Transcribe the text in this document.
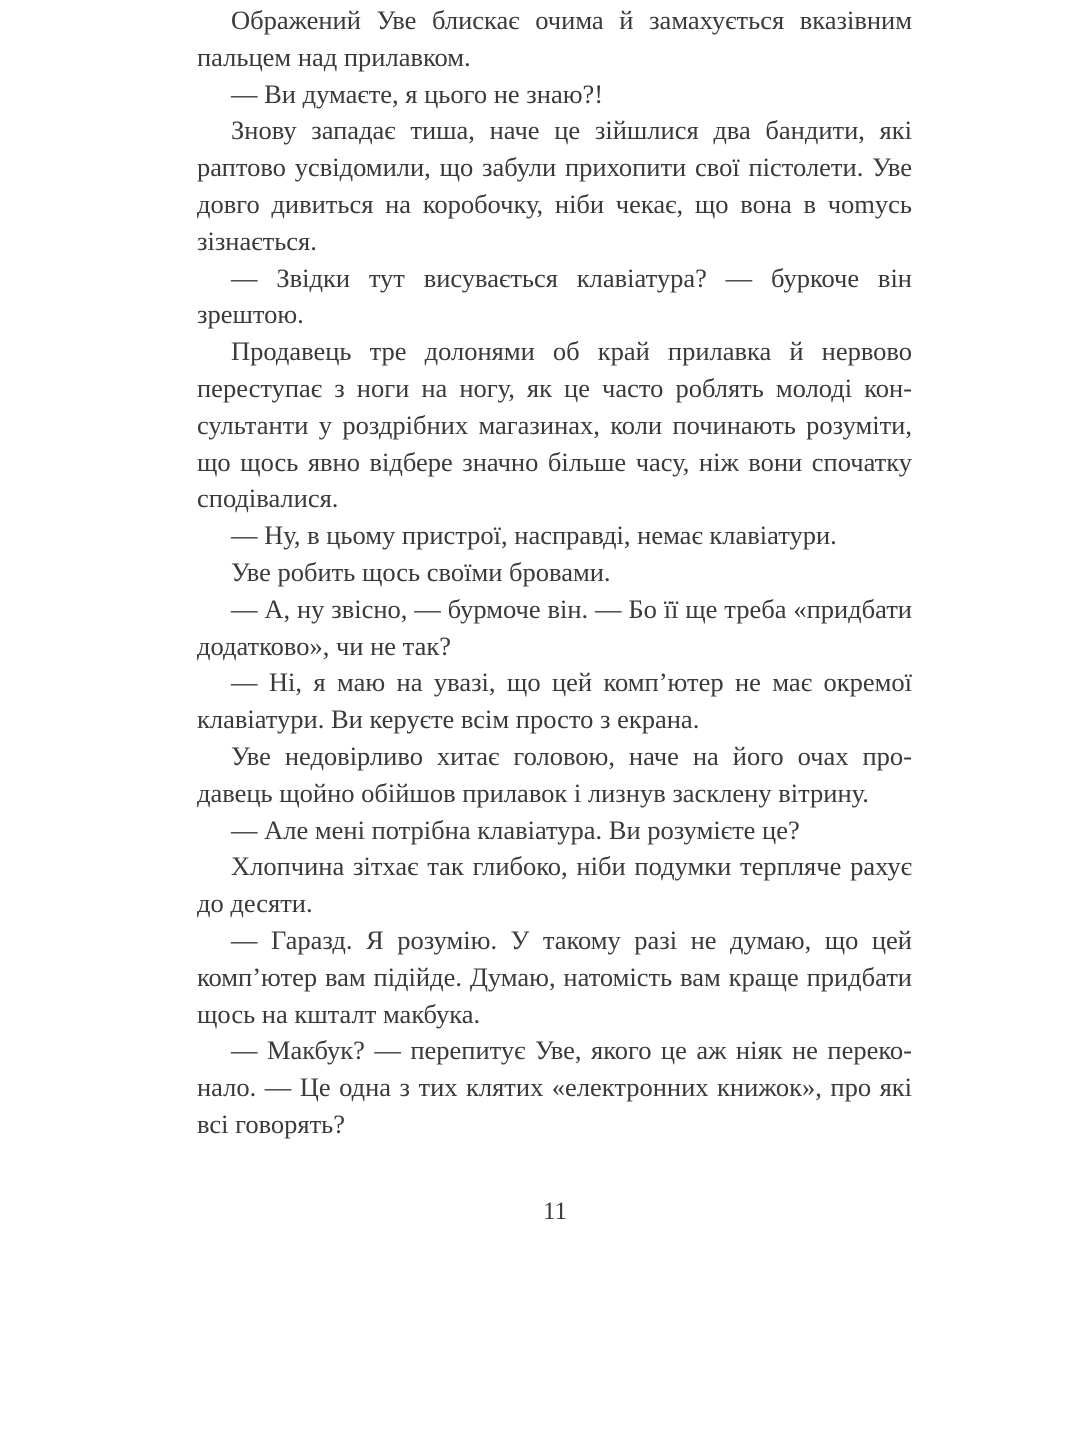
Ображений Уве блискає очима й замахується вказівним пальцем над прилавком.

— Ви думаєте, я цього не знаю?!

Знову западає тиша, наче це зійшлися два бандити, які раптово усвідомили, що забули прихопити свої пістолети. Уве довго дивиться на коробочку, ніби чекає, що вона в чоmусь зізнається.

— Звідки тут висувається клавіатура? — буркоче він зрештою.

Продавець тре долонями об край прилавка й нервово переступає з ноги на ногу, як це часто роблять молоді консультанти у роздрібних магазинах, коли починають розуміти, що щось явно відбере значно більше часу, ніж вони спочатку сподівалися.

— Ну, в цьому пристрої, насправді, немає клавіатури.

Уве робить щось своїми бровами.

— А, ну звісно, — бурмоче він. — Бо її ще треба «придбати додатково», чи не так?

— Ні, я маю на увазі, що цей комп’ютер не має окремої клавіатури. Ви керуєте всім просто з екрана.

Уве недовірливо хитає головою, наче на його очах продавець щойно обійшов прилавок і лизнув засклену вітрину.

— Але мені потрібна клавіатура. Ви розумієте це?

Хлопчина зітхає так глибоко, ніби подумки терпляче рахує до десяти.

— Гаразд. Я розумію. У такому разі не думаю, що цей комп’ютер вам підійде. Думаю, натомість вам краще придбати щось на кшталт макбука.

— Макбук? — перепитує Уве, якого це аж ніяк не переконало. — Це одна з тих клятих «електронних книжок», про які всі говорять?

11
